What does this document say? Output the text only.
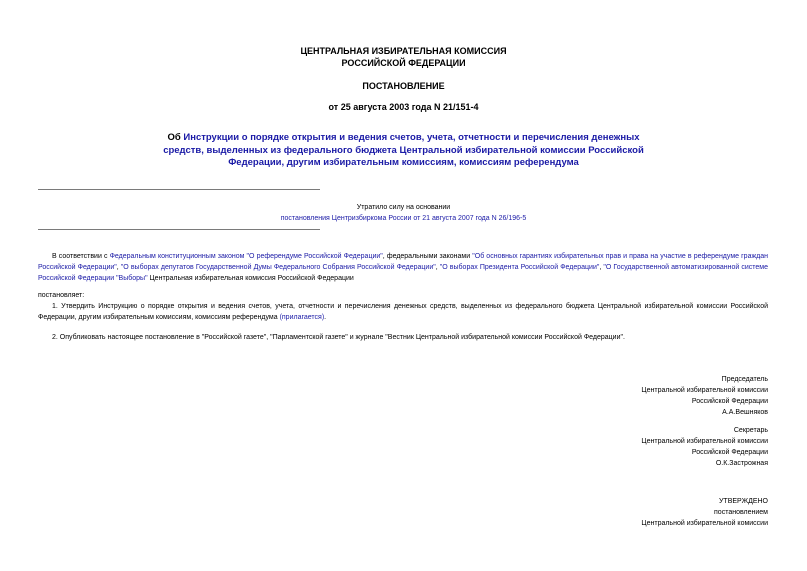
ЦЕНТРАЛЬНАЯ ИЗБИРАТЕЛЬНАЯ КОМИССИЯ
РОССИЙСКОЙ ФЕДЕРАЦИИ
ПОСТАНОВЛЕНИЕ
от 25 августа 2003 года N 21/151-4
Об Инструкции о порядке открытия и ведения счетов, учета, отчетности и перечисления денежных средств, выделенных из федерального бюджета Центральной избирательной комиссии Российской Федерации, другим избирательным комиссиям, комиссиям референдума
Утратило силу на основании
постановления Центризбиркома России от 21 августа 2007 года N 26/196-5
В соответствии с Федеральным конституционным законом "О референдуме Российской Федерации", федеральными законами "Об основных гарантиях избирательных прав и права на участие в референдуме граждан Российской Федерации", "О выборах депутатов Государственной Думы Федерального Собрания Российской Федерации", "О выборах Президента Российской Федерации", "О Государственной автоматизированной системе Российской Федерации "Выборы" Центральная избирательная комиссия Российской Федерации
постановляет:
1. Утвердить Инструкцию о порядке открытия и ведения счетов, учета, отчетности и перечисления денежных средств, выделенных из федерального бюджета Центральной избирательной комиссии Российской Федерации, другим избирательным комиссиям, комиссиям референдума (прилагается).
2. Опубликовать настоящее постановление в "Российской газете", "Парламентской газете" и журнале "Вестник Центральной избирательной комиссии Российской Федерации".
Председатель
Центральной избирательной комиссии
Российской Федерации
А.А.Вешняков
Секретарь
Центральной избирательной комиссии
Российской Федерации
О.К.Застрожная
УТВЕРЖДЕНО
постановлением
Центральной избирательной комиссии
